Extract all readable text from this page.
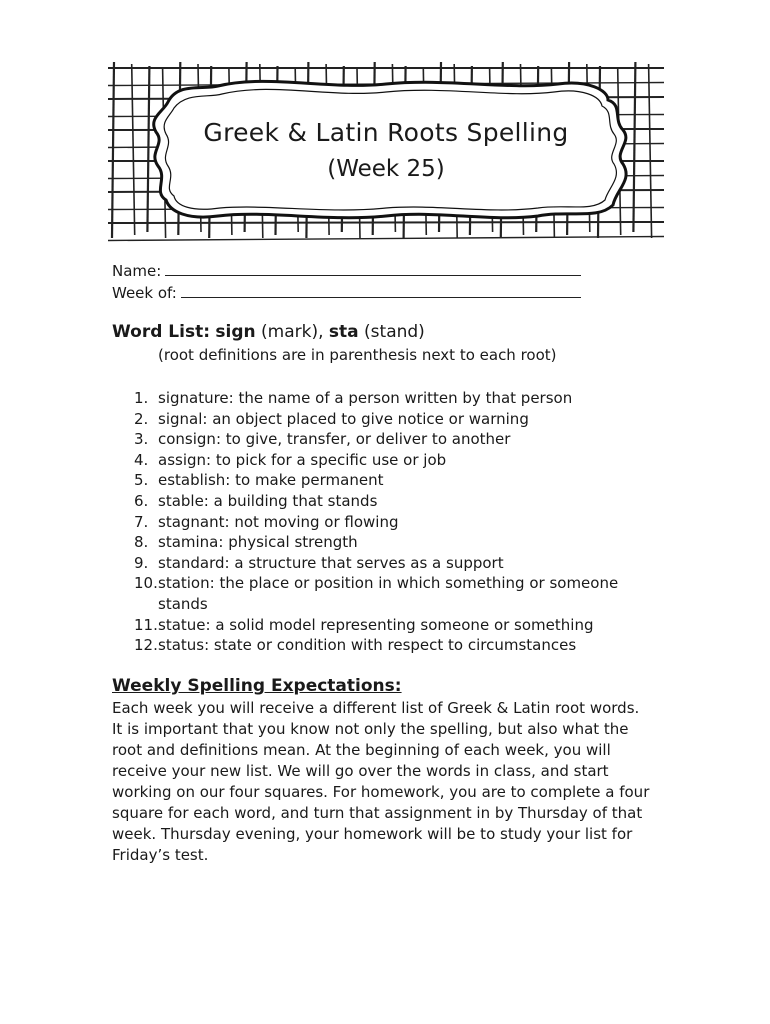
Greek & Latin Roots Spelling
(Week 25)
Name:
Week of:
Word List: sign (mark), sta (stand)
(root definitions are in parenthesis next to each root)
1. signature: the name of a person written by that person
2. signal: an object placed to give notice or warning
3. consign: to give, transfer, or deliver to another
4. assign: to pick for a specific use or job
5. establish: to make permanent
6. stable: a building that stands
7. stagnant: not moving or flowing
8. stamina: physical strength
9. standard: a structure that serves as a support
10. station: the place or position in which something or someone stands
11. statue: a solid model representing someone or something
12. status: state or condition with respect to circumstances
Weekly Spelling Expectations:
Each week you will receive a different list of Greek & Latin root words. It is important that you know not only the spelling, but also what the root and definitions mean. At the beginning of each week, you will receive your new list. We will go over the words in class, and start working on our four squares. For homework, you are to complete a four square for each word, and turn that assignment in by Thursday of that week. Thursday evening, your homework will be to study your list for Friday’s test.
